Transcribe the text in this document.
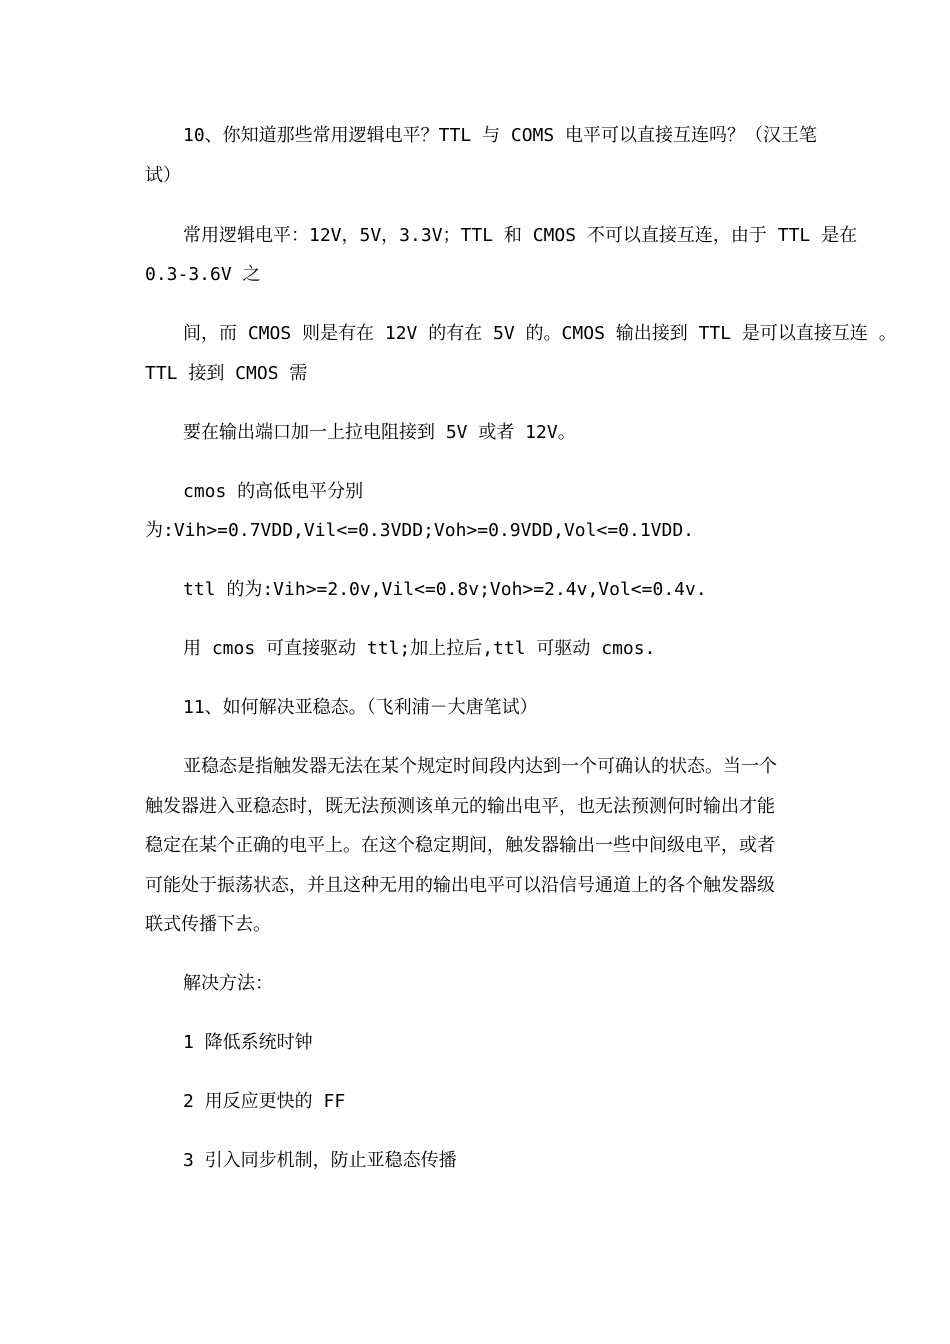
10、你知道那些常用逻辑电平？TTL 与 COMS 电平可以直接互连吗？（汉王笔
试）
常用逻辑电平：12V，5V，3.3V；TTL 和 CMOS 不可以直接互连，由于 TTL 是在
0.3-3.6V 之
间，而 CMOS 则是有在 12V 的有在 5V 的。CMOS 输出接到 TTL 是可以直接互连 。
TTL 接到 CMOS 需
要在输出端口加一上拉电阻接到 5V 或者 12V。
cmos 的高低电平分别
为:Vih>=0.7VDD,Vil<=0.3VDD;Voh>=0.9VDD,Vol<=0.1VDD.
ttl 的为:Vih>=2.0v,Vil<=0.8v;Voh>=2.4v,Vol<=0.4v.
用 cmos 可直接驱动 ttl;加上拉后,ttl 可驱动 cmos.
11、如何解决亚稳态。（飞利浦－大唐笔试）
亚稳态是指触发器无法在某个规定时间段内达到一个可确认的状态。当一个
触发器进入亚稳态时，既无法预测该单元的输出电平，也无法预测何时输出才能
稳定在某个正确的电平上。在这个稳定期间，触发器输出一些中间级电平，或者
可能处于振荡状态，并且这种无用的输出电平可以沿信号通道上的各个触发器级
联式传播下去。
解决方法：
1 降低系统时钟
2 用反应更快的 FF
3 引入同步机制，防止亚稳态传播
